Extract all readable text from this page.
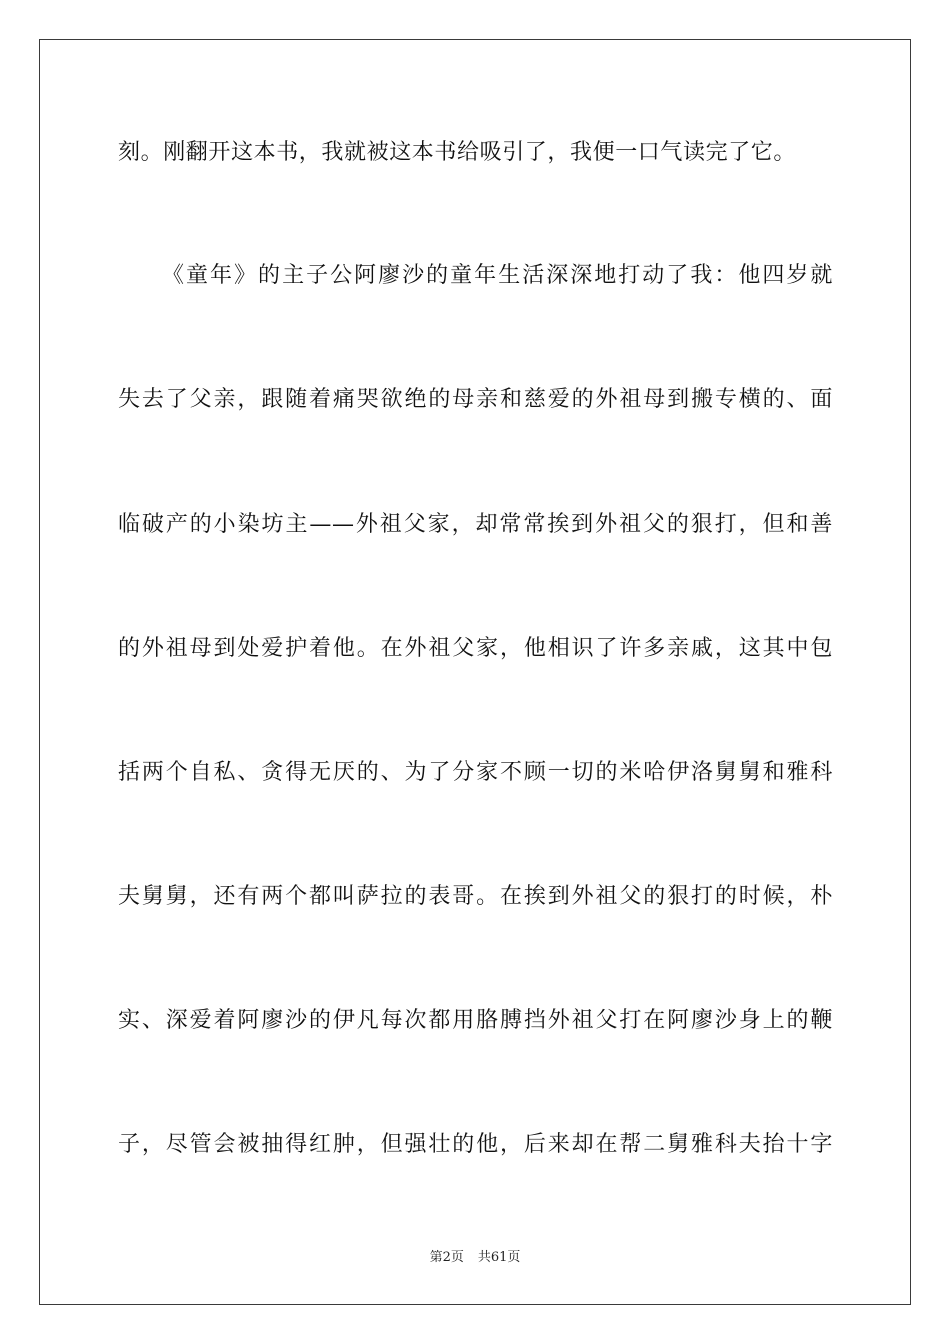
刻。刚翻开这本书，我就被这本书给吸引了，我便一口气读完了它。
《童年》的主子公阿廖沙的童年生活深深地打动了我：他四岁就
失去了父亲，跟随着痛哭欲绝的母亲和慈爱的外祖母到搬专横的、面
临破产的小染坊主——外祖父家，却常常挨到外祖父的狠打，但和善
的外祖母到处爱护着他。在外祖父家，他相识了许多亲戚，这其中包
括两个自私、贪得无厌的、为了分家不顾一切的米哈伊洛舅舅和雅科
夫舅舅，还有两个都叫萨拉的表哥。在挨到外祖父的狠打的时候，朴
实、深爱着阿廖沙的伊凡每次都用胳膊挡外祖父打在阿廖沙身上的鞭
子，尽管会被抽得红肿，但强壮的他，后来却在帮二舅雅科夫抬十字
第2页 共61页
